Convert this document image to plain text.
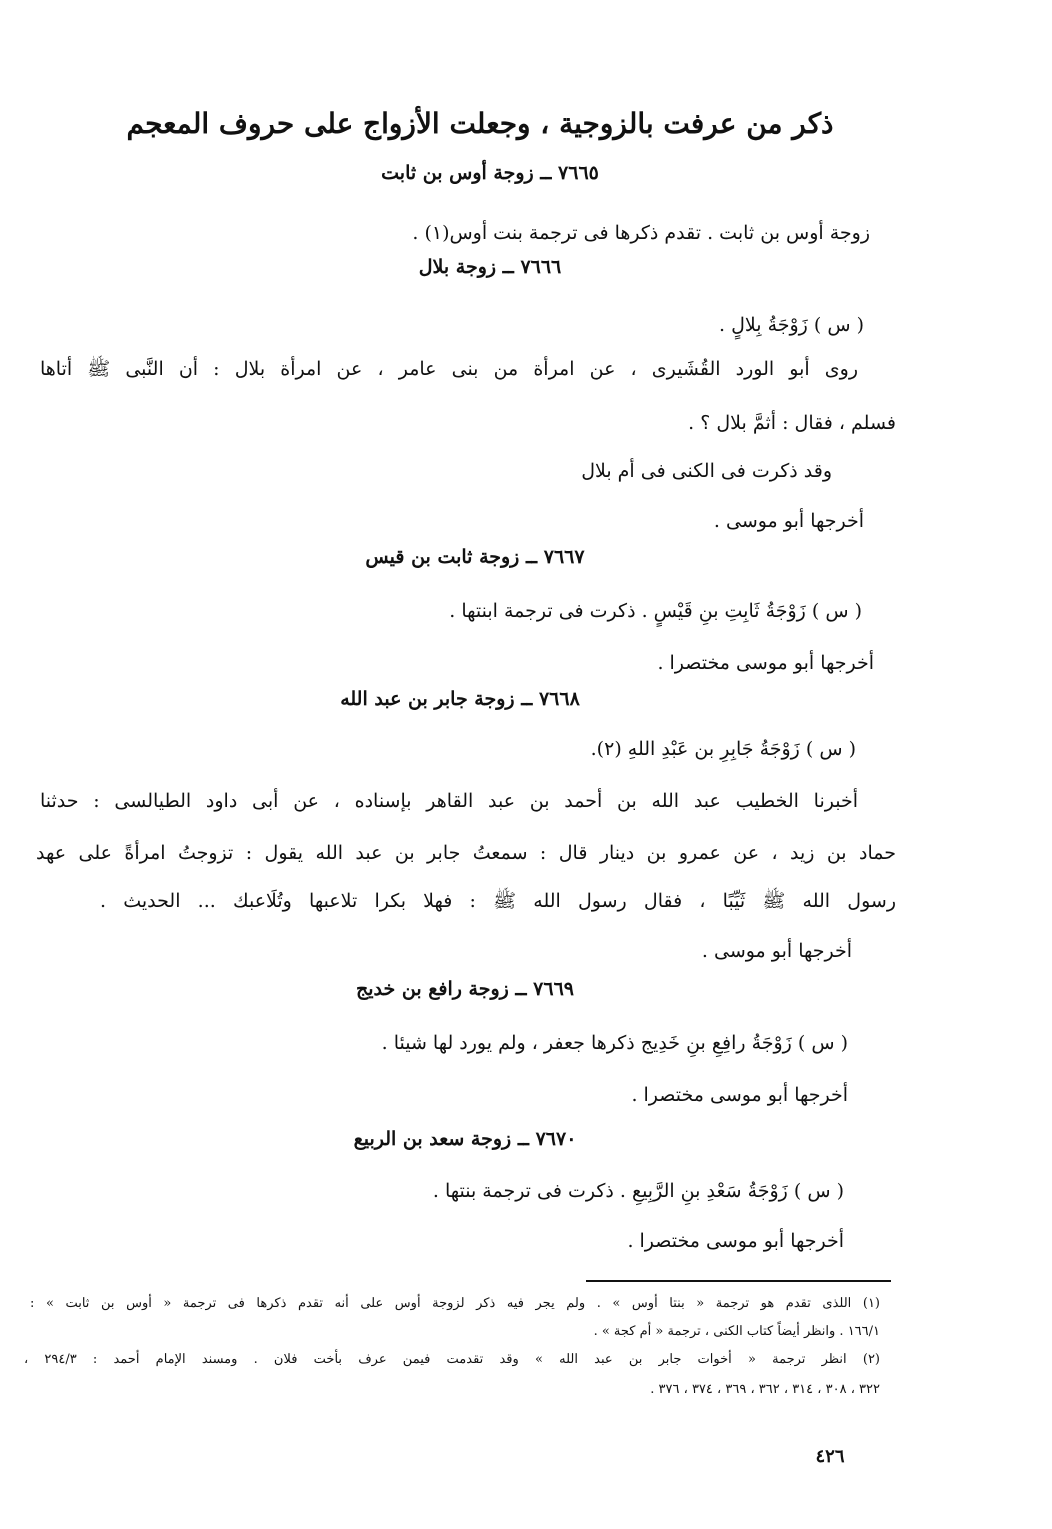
ذكر من عرفت بالزوجية ، وجعلت الأزواج على حروف المعجم
٧٦٦٥ ــ زوجة أوس بن ثابت
زوجة أوس بن ثابت . تقدم ذكرها فى ترجمة بنت أوس(١) .
٧٦٦٦ ــ زوجة بلال
( س ) زَوْجَةُ بِلالٍ .
روى أبو الورد القُشَيرى ، عن امرأة من بنى عامر ، عن امرأة بلال : أن النَّبى ﷺ أتاها
فسلم ، فقال : أثمَّ بلال ؟ .
وقد ذكرت فى الكنى فى أم بلال
أخرجها أبو موسى .
٧٦٦٧ ــ زوجة ثابت بن قيس
( س ) زَوْجَةُ ثَابِتِ بنِ قَيْسٍ . ذكرت فى ترجمة ابنتها .
أخرجها أبو موسى مختصرا .
٧٦٦٨ ــ زوجة جابر بن عبد الله
( س ) زَوْجَةُ جَابِرِ بن عَبْدِ اللهِ (٢).
أخبرنا الخطيب عبد الله بن أحمد بن عبد القاهر بإسناده ، عن أبى داود الطيالسى : حدثنا
حماد بن زيد ، عن عمرو بن دينار قال : سمعتُ جابر بن عبد الله يقول : تزوجتُ امرأةً على عهد
رسول الله ﷺ ثَيِّبًا ، فقال رسول الله ﷺ : فهلا بكرا تلاعبها وتُلَاعبك ... الحديث .
أخرجها أبو موسى .
٧٦٦٩ ــ زوجة رافع بن خديج
( س ) زَوْجَةُ رافِعِ بنِ خَدِيج ذكرها جعفر ، ولم يورد لها شيئا .
أخرجها أبو موسى مختصرا .
٧٦٧٠ ــ زوجة سعد بن الربيع
( س ) زَوْجَةُ سَعْدِ بنِ الرَّبِيعِ . ذكرت فى ترجمة بنتها .
أخرجها أبو موسى مختصرا .
(١) اللذى تقدم هو ترجمة « بنتا أوس » . ولم يجر فيه ذكر لزوجة أوس على أنه تقدم ذكرها فى ترجمة « أوس بن ثابت » :
١٦٦/١ . وانظر أيضاً كتاب الكنى ، ترجمة « أم كجة » .
(٢) انظر ترجمة « أخوات جابر بن عبد الله » وقد تقدمت فيمن عرف بأخت فلان . ومسند الإمام أحمد : ٢٩٤/٣ ،
٣٢٢ ، ٣٠٨ ، ٣١٤ ، ٣٦٢ ، ٣٦٩ ، ٣٧٤ ، ٣٧٦ .
٤٢٦
